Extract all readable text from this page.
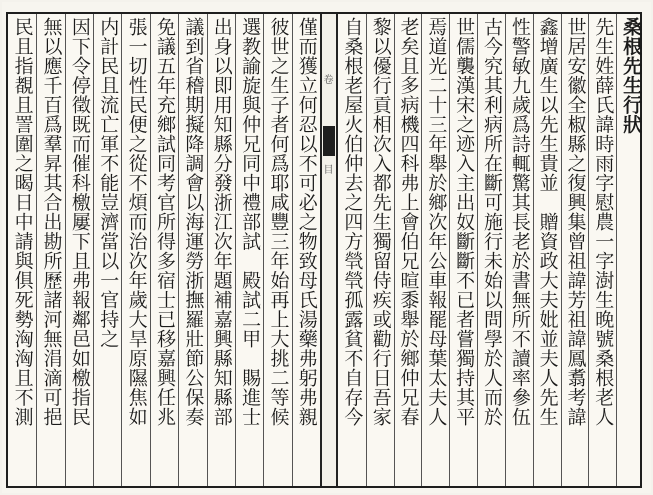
僅而獲立何忍以不可必之物致母氏湯藥弗躬弗親
彼世之生子者何爲耶咸豐三年始再上大挑二等候
選教諭旋與仲兄同中禮部試　殿試二甲　賜進士
出身以即用知縣分發浙江次年題補嘉興縣知縣部
議到省稽期擬降調會以海運勞浙撫羅壯節公保奏
免議五年充鄉試同考官所得多宿士已移嘉興任兆
張一切性民便之從不煩而治次年歲大旱原隰焦如
内計民且流亡軍不能豈濟當以一官持之
因下令停徵既而催科檄屢下且弗報鄰邑如檄指民
無以應千百爲羣昇其合出勘所歷諸河無涓滴可挹
民且指覩且詈圍之暍日中請與俱死勢洶洶且不測	卷
目
桑根先生行狀
先生姓薛氏諱時雨字慰農一字澍生晚號桑根老人
世居安徽全椒縣之復興集曾祖諱芳祖諱鳳翥考諱
鑫增廣生以先生貴並　贈資政大夫妣並夫人先生
性警敏九歲爲詩輒驚其長老於書無所不讀率參伍
古今究其利病所在斷可施行未始以問學於人而於
世儒襲漢宋之迹入主出奴斷斷不已者嘗獨持其平
焉道光二十三年舉於鄉次年公車報罷母葉太夫人
老矣且多病機四科弗上會伯兄暄黍舉於鄉仲兄春
黎以優行貢相次入都先生獨留侍疾或勸行日吾家
自桑根老屋火伯仲去之四方煢煢孤露貧不自存今
